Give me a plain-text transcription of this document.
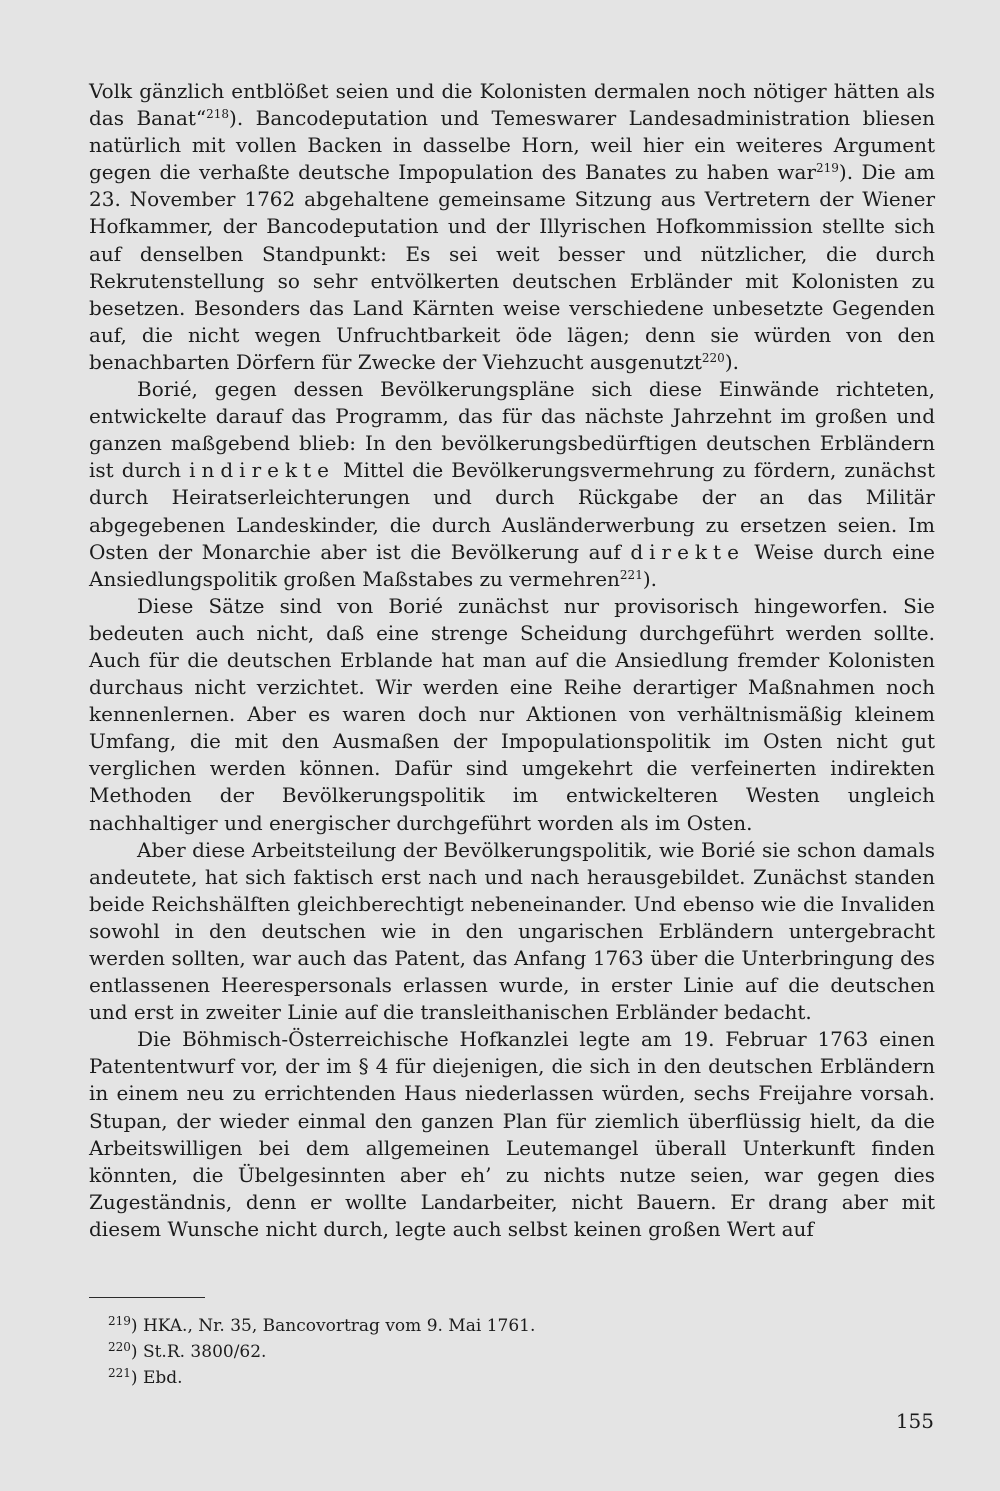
Volk gänzlich entblößet seien und die Kolonisten dermalen noch nötiger hätten als das Banat“$^{218}$). Bancodeputation und Temeswarer Landesadministration bliesen natürlich mit vollen Backen in dasselbe Horn, weil hier ein weiteres Argument gegen die verhaßte deutsche Impopulation des Banates zu haben war$^{219}$). Die am 23. November 1762 abgehaltene gemeinsame Sitzung aus Vertretern der Wiener Hofkammer, der Bancodeputation und der Illyrischen Hofkommission stellte sich auf denselben Standpunkt: Es sei weit besser und nützlicher, die durch Rekrutenstellung so sehr entvölkerten deutschen Erbländer mit Kolonisten zu besetzen. Besonders das Land Kärnten weise verschiedene unbesetzte Gegenden auf, die nicht wegen Unfruchtbarkeit öde lägen; denn sie würden von den benachbarten Dörfern für Zwecke der Viehzucht ausgenutzt$^{220}$).

Borié, gegen dessen Bevölkerungspläne sich diese Einwände richteten, entwickelte darauf das Programm, das für das nächste Jahrzehnt im großen und ganzen maßgebend blieb: In den bevölkerungsbedürftigen deutschen Erbländern ist durch indirekte Mittel die Bevölkerungsvermehrung zu fördern, zunächst durch Heiratserleichterungen und durch Rückgabe der an das Militär abgegebenen Landeskinder, die durch Ausländerwerbung zu ersetzen seien. Im Osten der Monarchie aber ist die Bevölkerung auf direkte Weise durch eine Ansiedlungspolitik großen Maßstabes zu vermehren$^{221}$).

Diese Sätze sind von Borié zunächst nur provisorisch hingeworfen. Sie bedeuten auch nicht, daß eine strenge Scheidung durchgeführt werden sollte. Auch für die deutschen Erblande hat man auf die Ansiedlung fremder Kolonisten durchaus nicht verzichtet. Wir werden eine Reihe derartiger Maßnahmen noch kennenlernen. Aber es waren doch nur Aktionen von verhältnismäßig kleinem Umfang, die mit den Ausmaßen der Impopulationspolitik im Osten nicht gut verglichen werden können. Dafür sind umgekehrt die verfeinerten indirekten Methoden der Bevölkerungspolitik im entwickelteren Westen ungleich nachhaltiger und energischer durchgeführt worden als im Osten.

Aber diese Arbeitsteilung der Bevölkerungspolitik, wie Borié sie schon damals andeutete, hat sich faktisch erst nach und nach herausgebildet. Zunächst standen beide Reichshälften gleichberechtigt nebeneinander. Und ebenso wie die Invaliden sowohl in den deutschen wie in den ungarischen Erbländern untergebracht werden sollten, war auch das Patent, das Anfang 1763 über die Unterbringung des entlassenen Heerespersonals erlassen wurde, in erster Linie auf die deutschen und erst in zweiter Linie auf die transleithanischen Erbländer bedacht.

Die Böhmisch-Österreichische Hofkanzlei legte am 19. Februar 1763 einen Patententwurf vor, der im § 4 für diejenigen, die sich in den deutschen Erbländern in einem neu zu errichtenden Haus niederlassen würden, sechs Freijahre vorsah. Stupan, der wieder einmal den ganzen Plan für ziemlich überflüssig hielt, da die Arbeitswilligen bei dem allgemeinen Leutemangel überall Unterkunft finden könnten, die Übelgesinnten aber eh’ zu nichts nutze seien, war gegen dies Zugeständnis, denn er wollte Landarbeiter, nicht Bauern. Er drang aber mit diesem Wunsche nicht durch, legte auch selbst keinen großen Wert auf

$^{219}$) HKA., Nr. 35, Bancovortrag vom 9. Mai 1761.

$^{220}$) St.R. 3800/62.

$^{221}$) Ebd.

155
